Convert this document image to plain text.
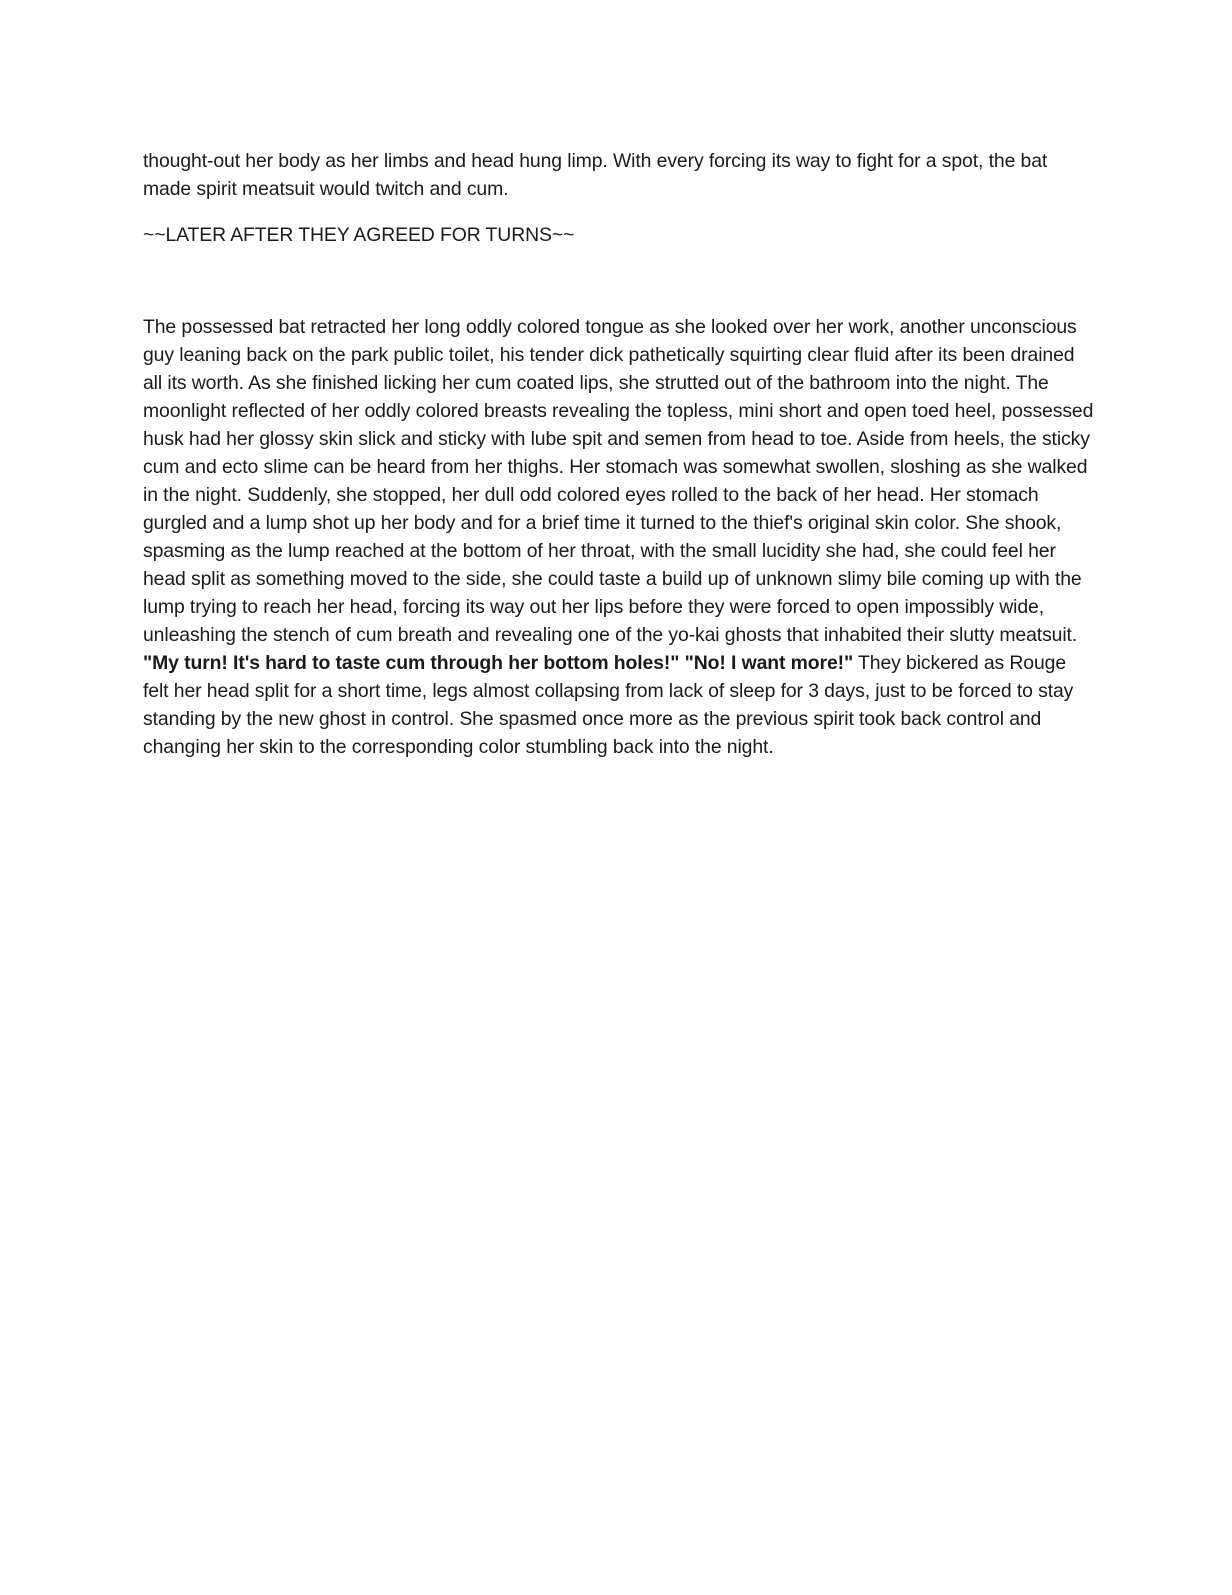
thought-out her body as her limbs and head hung limp. With every forcing its way to fight for a spot, the bat made spirit meatsuit would twitch and cum.

~~LATER AFTER THEY AGREED FOR TURNS~~

The possessed bat retracted her long oddly colored tongue as she looked over her work, another unconscious guy leaning back on the park public toilet, his tender dick pathetically squirting clear fluid after its been drained all its worth. As she finished licking her cum coated lips, she strutted out of the bathroom into the night. The moonlight reflected of her oddly colored breasts revealing the topless, mini short and open toed heel, possessed husk had her glossy skin slick and sticky with lube spit and semen from head to toe. Aside from heels, the sticky cum and ecto slime can be heard from her thighs. Her stomach was somewhat swollen, sloshing as she walked in the night. Suddenly, she stopped, her dull odd colored eyes rolled to the back of her head. Her stomach gurgled and a lump shot up her body and for a brief time it turned to the thief's original skin color. She shook, spasming as the lump reached at the bottom of her throat, with the small lucidity she had, she could feel her head split as something moved to the side, she could taste a build up of unknown slimy bile coming up with the lump trying to reach her head, forcing its way out her lips before they were forced to open impossibly wide, unleashing the stench of cum breath and revealing one of the yo-kai ghosts that inhabited their slutty meatsuit. "My turn! It's hard to taste cum through her bottom holes!" "No! I want more!" They bickered as Rouge felt her head split for a short time, legs almost collapsing from lack of sleep for 3 days, just to be forced to stay standing by the new ghost in control. She spasmed once more as the previous spirit took back control and changing her skin to the corresponding color stumbling back into the night.
